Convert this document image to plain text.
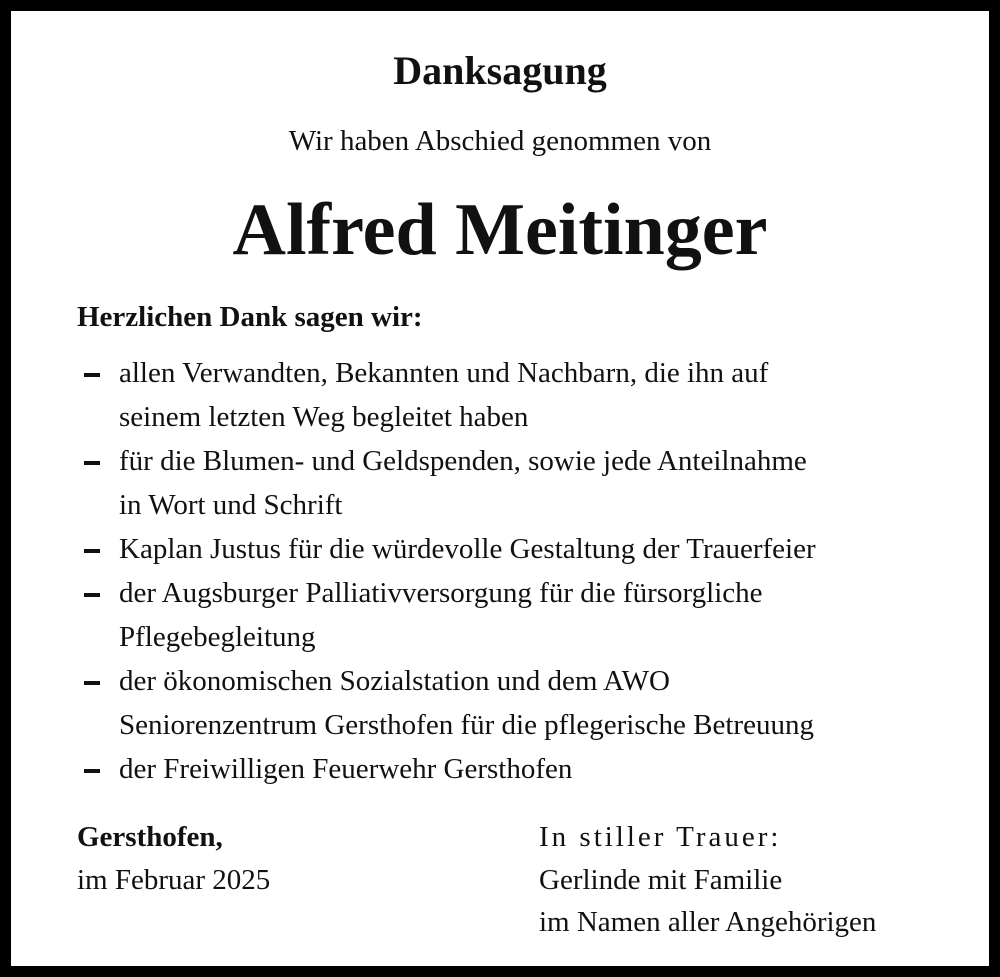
Danksagung
Wir haben Abschied genommen von
Alfred Meitinger
Herzlichen Dank sagen wir:
allen Verwandten, Bekannten und Nachbarn, die ihn auf
seinem letzten Weg begleitet haben
für die Blumen- und Geldspenden, sowie jede Anteilnahme
in Wort und Schrift
Kaplan Justus für die würdevolle Gestaltung der Trauerfeier
der Augsburger Palliativversorgung für die fürsorgliche
Pflegebegleitung
der ökonomischen Sozialstation und dem AWO
Seniorenzentrum Gersthofen für die pflegerische Betreuung
der Freiwilligen Feuerwehr Gersthofen
Gersthofen,
im Februar 2025
In stiller Trauer:
Gerlinde mit Familie
im Namen aller Angehörigen
